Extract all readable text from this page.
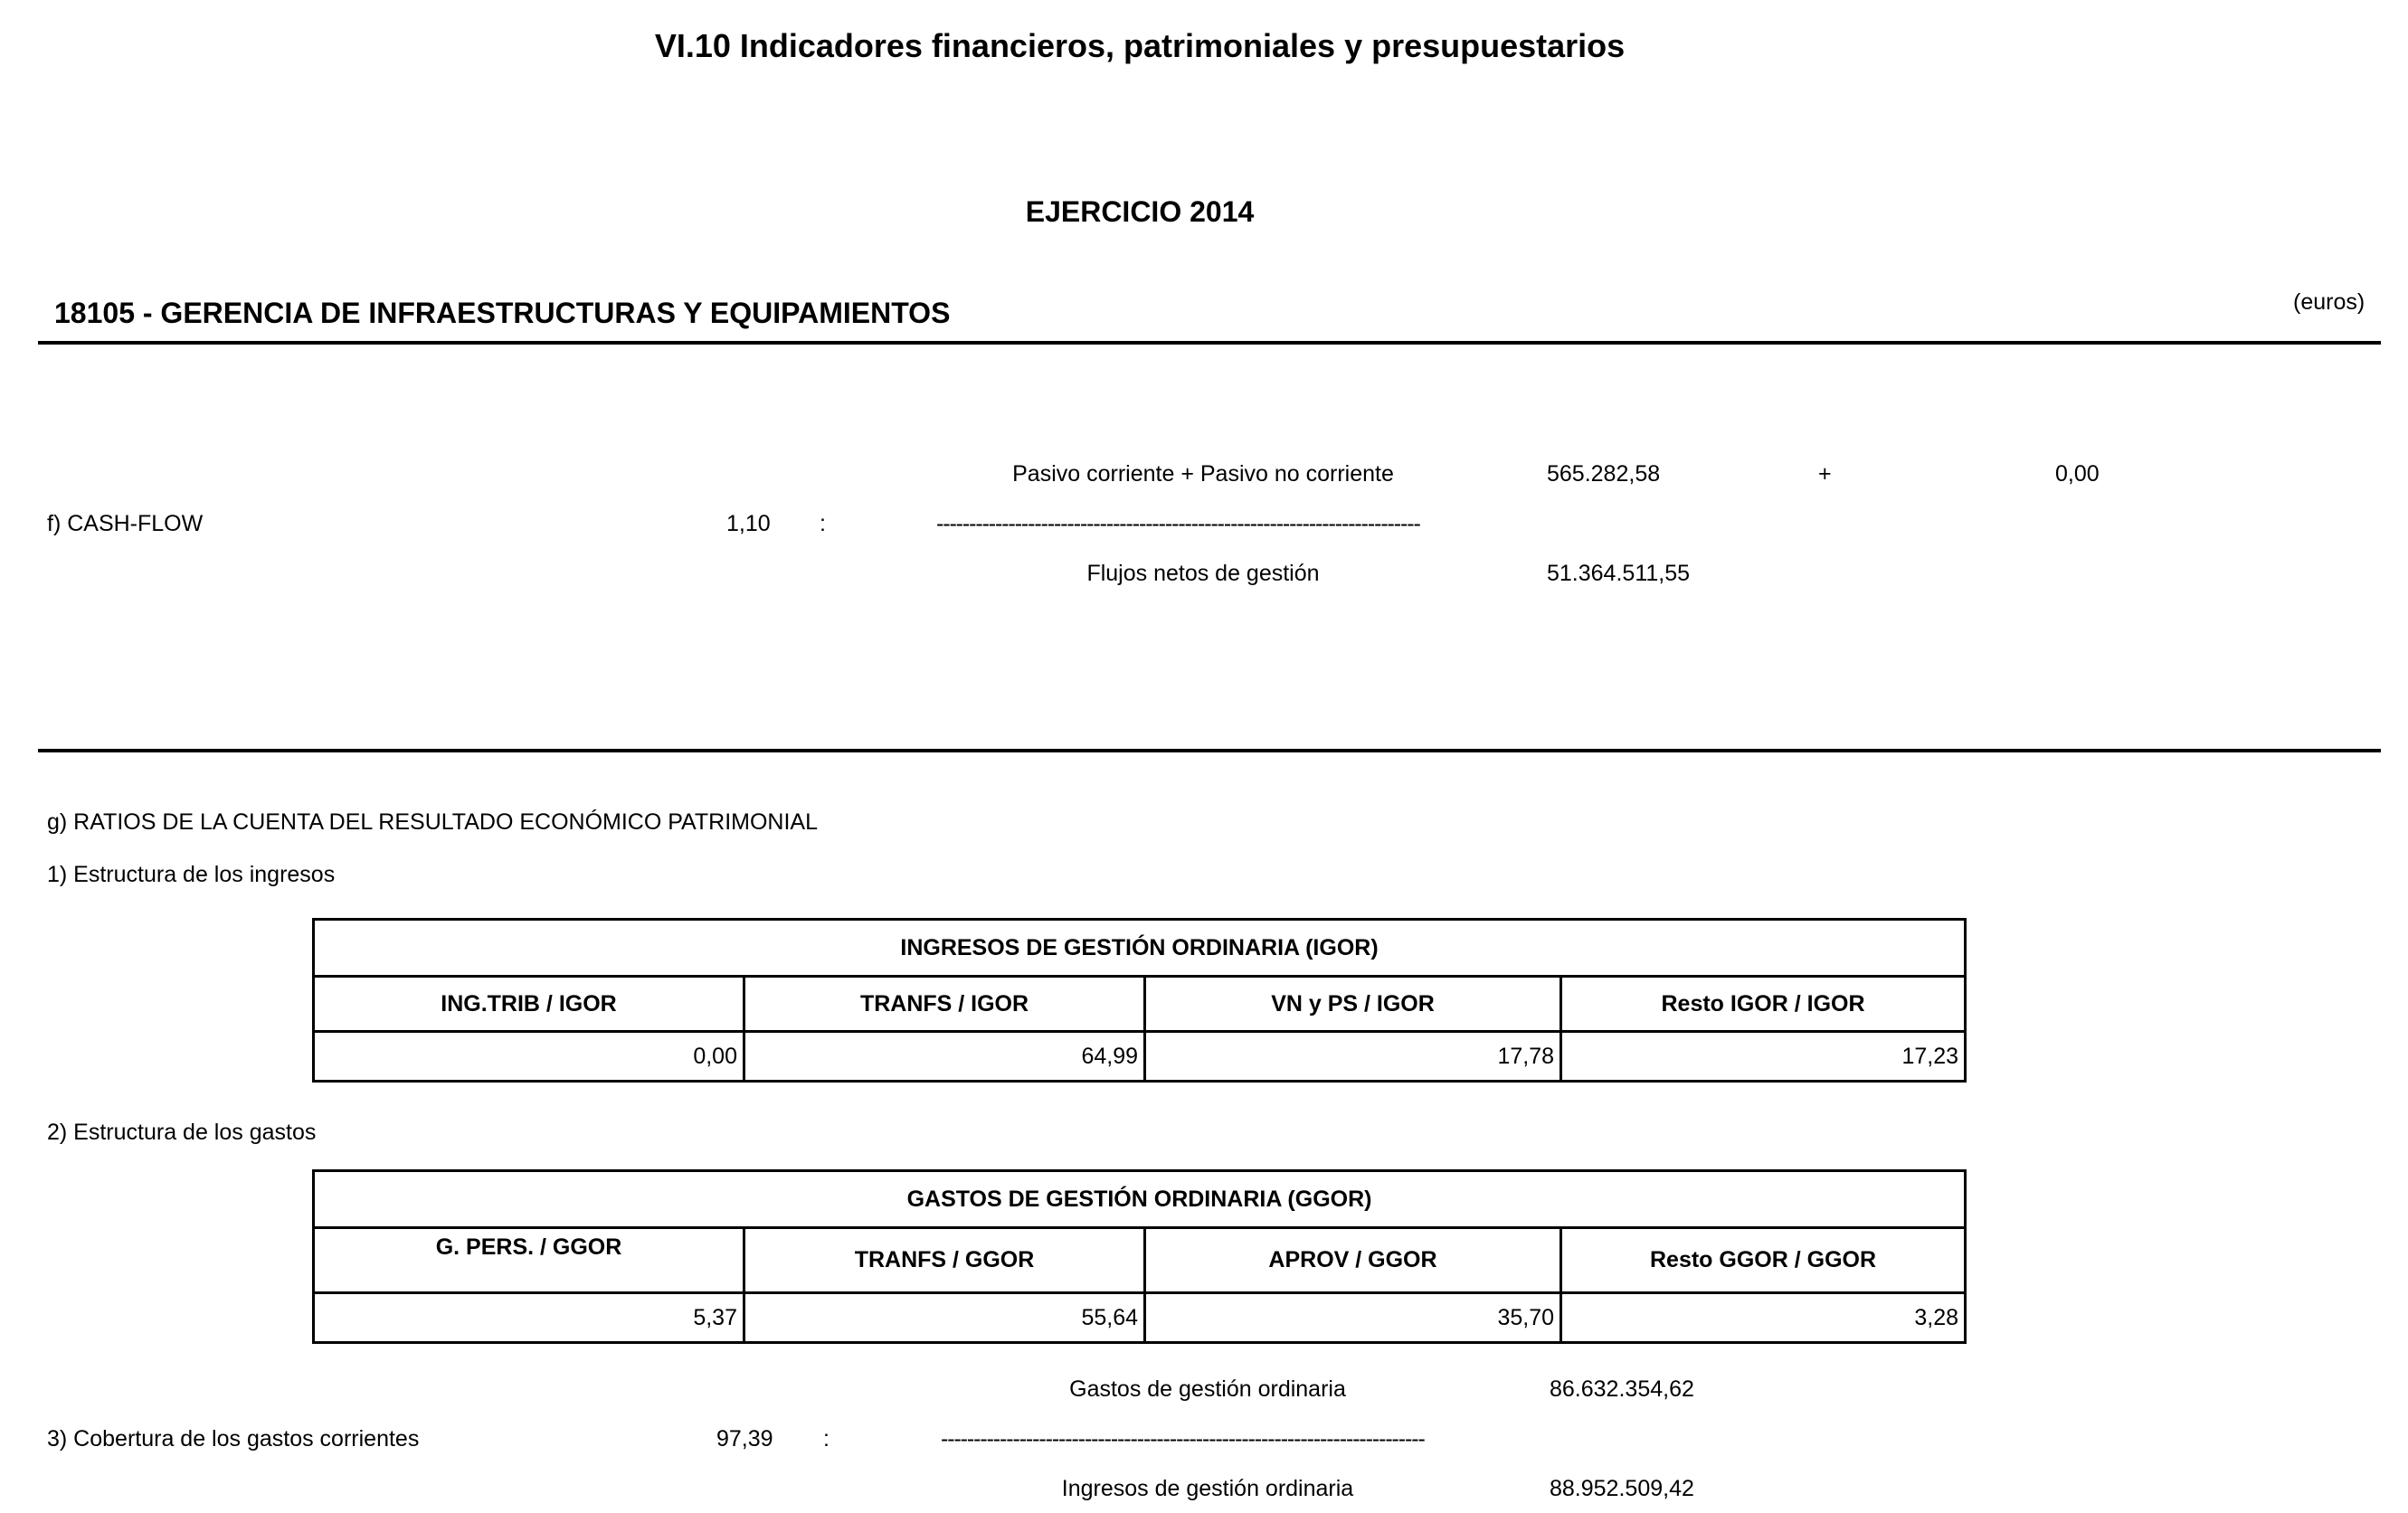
VI.10 Indicadores financieros, patrimoniales y presupuestarios
EJERCICIO 2014
18105 - GERENCIA DE INFRAESTRUCTURAS Y EQUIPAMIENTOS	(euros)
Pasivo corriente + Pasivo no corriente	565.282,58	+	0,00
f) CASH-FLOW	1,10 :	--------------------------------------------------------------------------
Flujos netos de gestión	51.364.511,55
g) RATIOS DE LA CUENTA DEL RESULTADO ECONÓMICO PATRIMONIAL
1) Estructura de los ingresos
INGRESOS DE GESTIÓN ORDINARIA (IGOR)			
ING.TRIB / IGOR	TRANFS / IGOR	VN y PS / IGOR	Resto IGOR / IGOR
0,00	64,99	17,78	17,23
2) Estructura de los gastos
GASTOS DE GESTIÓN ORDINARIA (GGOR)			
G. PERS. / GGOR	TRANFS / GGOR	APROV / GGOR	Resto GGOR / GGOR
5,37	55,64	35,70	3,28
Gastos de gestión ordinaria	86.632.354,62
3) Cobertura de los gastos corrientes	97,39 :	--------------------------------------------------------------------------
Ingresos de gestión ordinaria	88.952.509,42
